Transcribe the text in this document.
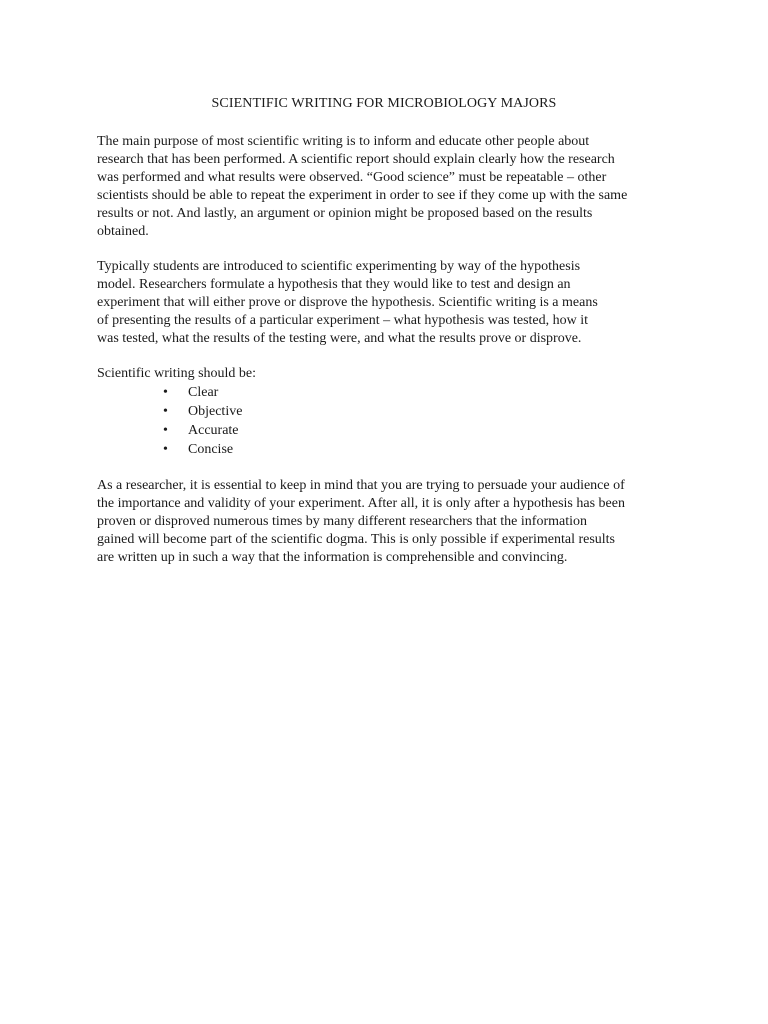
SCIENTIFIC WRITING FOR MICROBIOLOGY MAJORS

The main purpose of most scientific writing is to inform and educate other people about
research that has been performed. A scientific report should explain clearly how the research
was performed and what results were observed. “Good science” must be repeatable – other
scientists should be able to repeat the experiment in order to see if they come up with the same
results or not. And lastly, an argument or opinion might be proposed based on the results
obtained.

Typically students are introduced to scientific experimenting by way of the hypothesis
model. Researchers formulate a hypothesis that they would like to test and design an
experiment that will either prove or disprove the hypothesis. Scientific writing is a means
of presenting the results of a particular experiment – what hypothesis was tested, how it
was tested, what the results of the testing were, and what the results prove or disprove.

Scientific writing should be:

• Clear
• Objective
• Accurate
• Concise

As a researcher, it is essential to keep in mind that you are trying to persuade your audience of
the importance and validity of your experiment. After all, it is only after a hypothesis has been
proven or disproved numerous times by many different researchers that the information
gained will become part of the scientific dogma. This is only possible if experimental results
are written up in such a way that the information is comprehensible and convincing.
